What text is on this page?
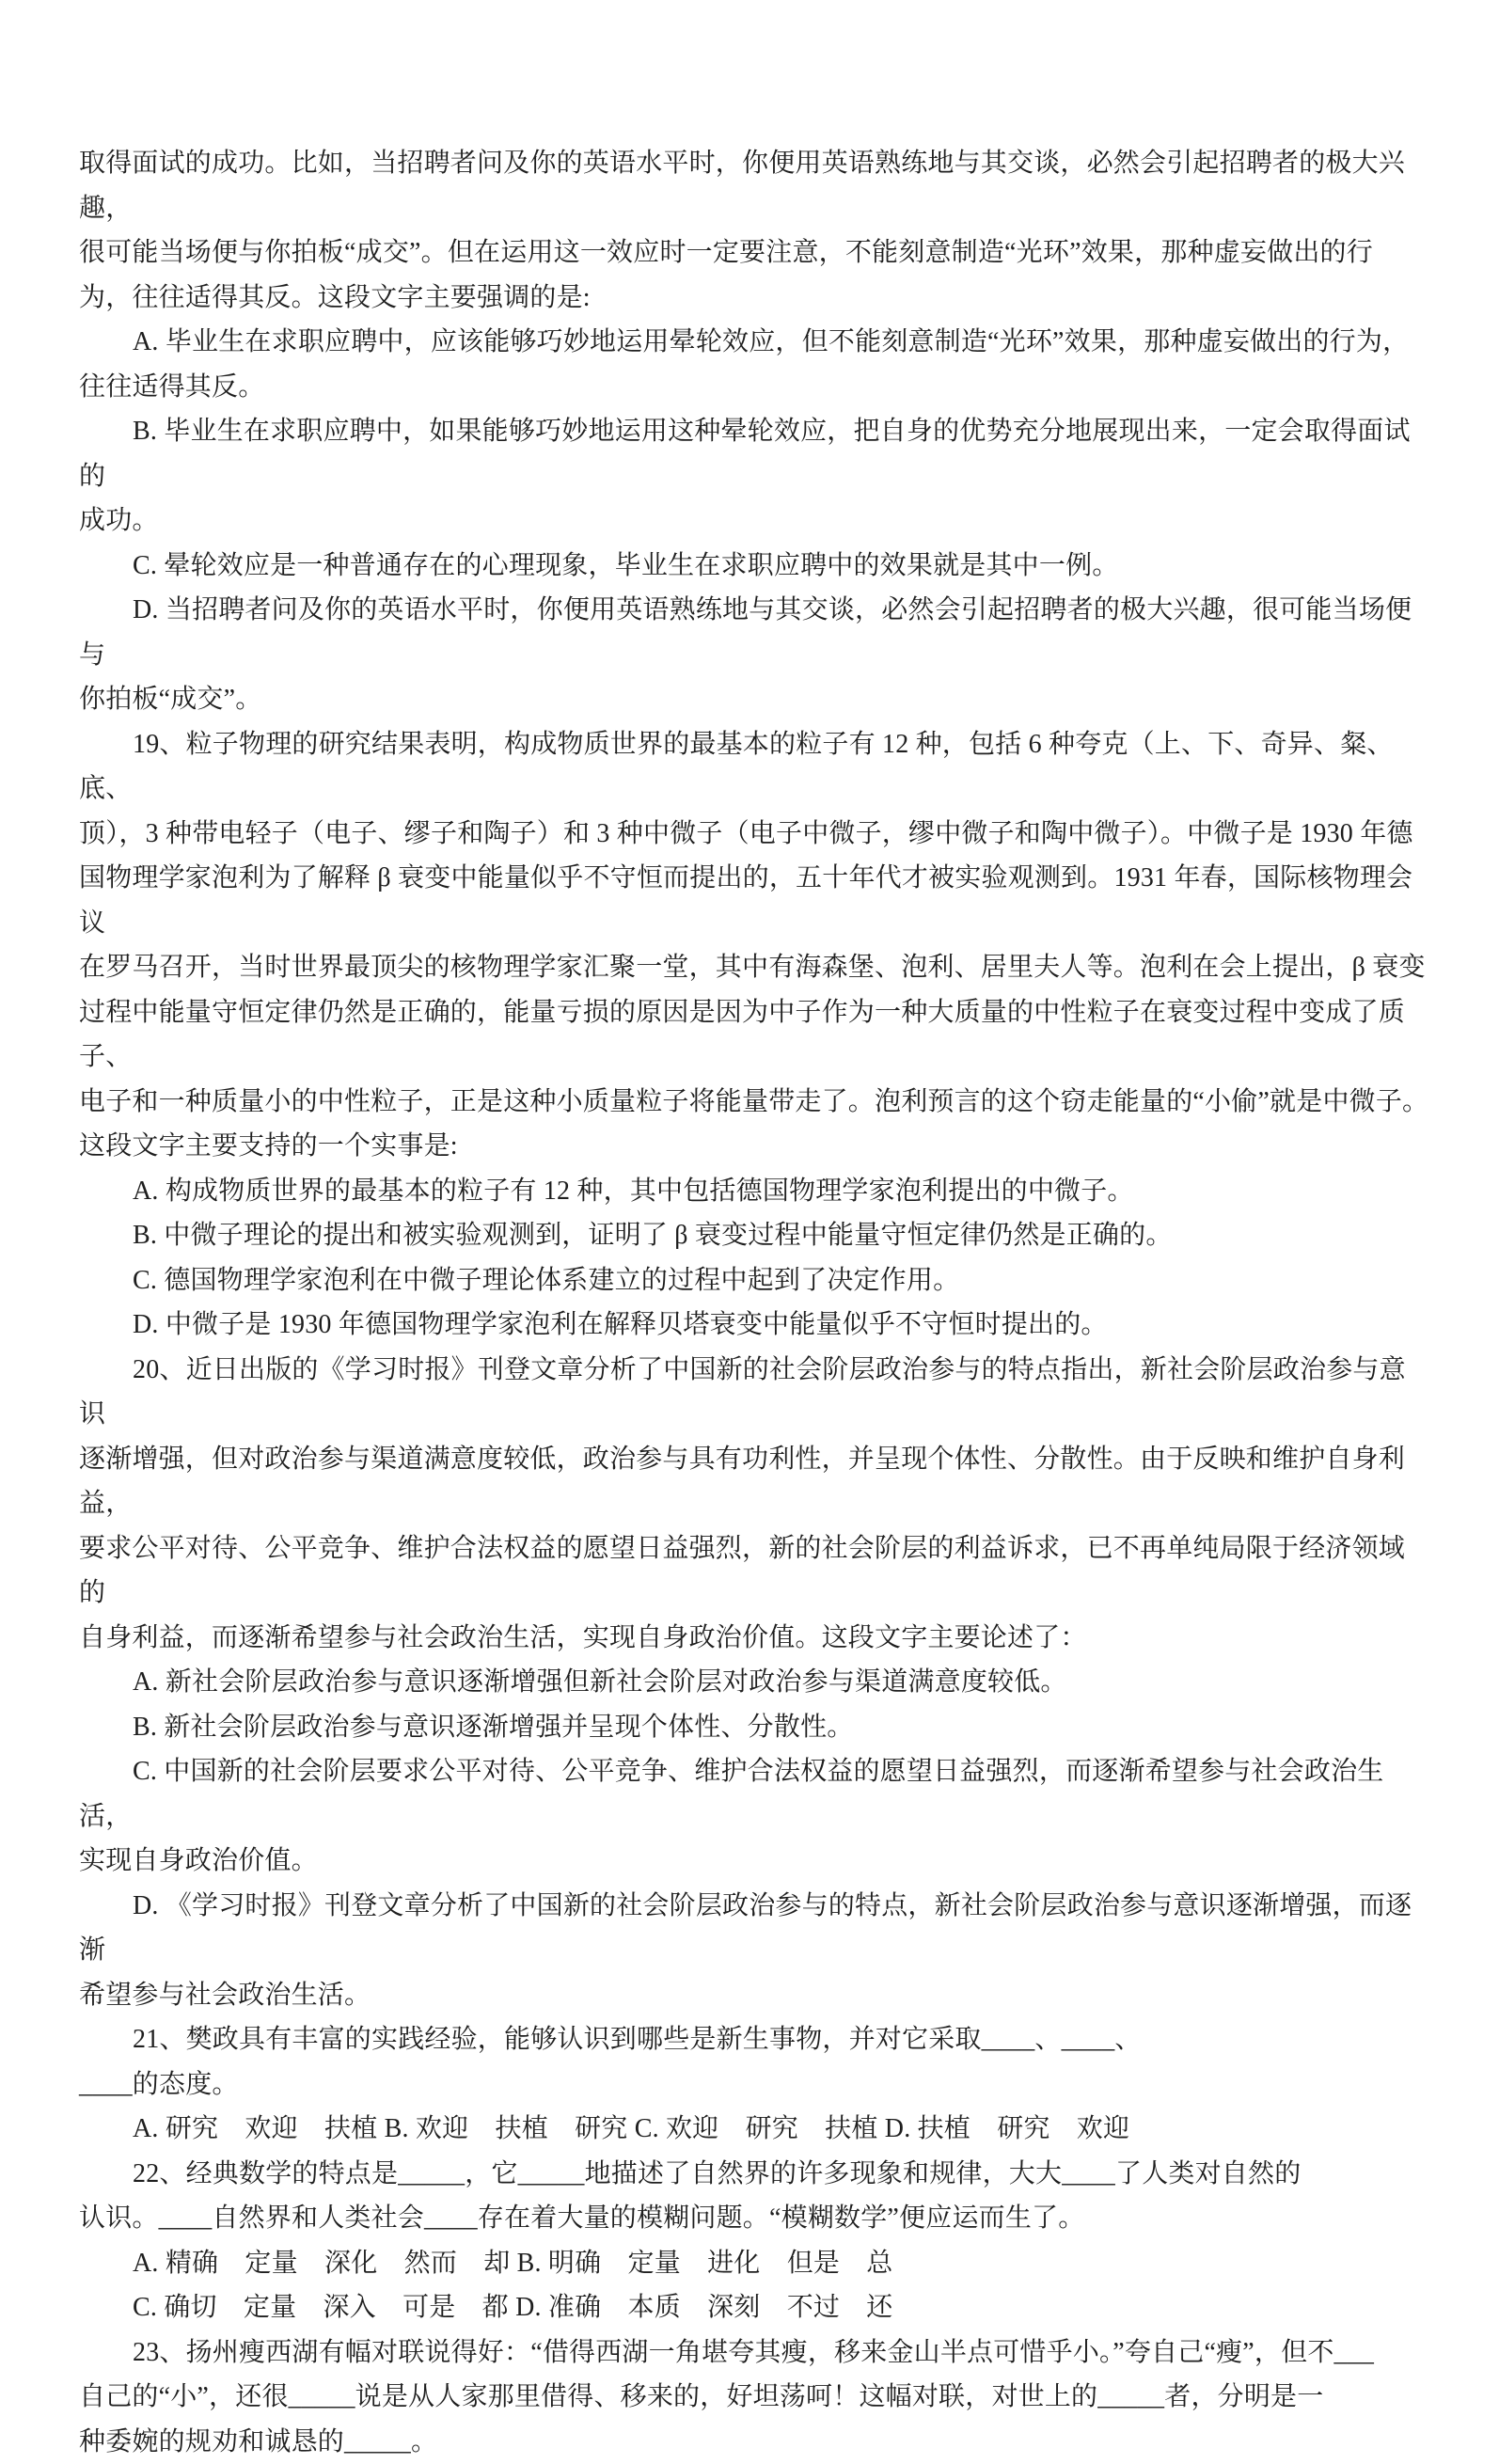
取得面试的成功。比如，当招聘者问及你的英语水平时，你便用英语熟练地与其交谈，必然会引起招聘者的极大兴趣，

很可能当场便与你拍板“成交”。但在运用这一效应时一定要注意，不能刻意制造“光环”效果，那种虚妄做出的行

为，往往适得其反。这段文字主要强调的是:

A. 毕业生在求职应聘中，应该能够巧妙地运用晕轮效应，但不能刻意制造“光环”效果，那种虚妄做出的行为，

往往适得其反。

B. 毕业生在求职应聘中，如果能够巧妙地运用这种晕轮效应，把自身的优势充分地展现出来，一定会取得面试的

成功。

C. 晕轮效应是一种普通存在的心理现象，毕业生在求职应聘中的效果就是其中一例。

D. 当招聘者问及你的英语水平时，你便用英语熟练地与其交谈，必然会引起招聘者的极大兴趣，很可能当场便与

你拍板“成交”。

19、粒子物理的研究结果表明，构成物质世界的最基本的粒子有 12 种，包括 6 种夸克（上、下、奇异、粲、底、

顶），3 种带电轻子（电子、缪子和陶子）和 3 种中微子（电子中微子，缪中微子和陶中微子）。中微子是 1930 年德

国物理学家泡利为了解释 β 衰变中能量似乎不守恒而提出的，五十年代才被实验观测到。1931 年春，国际核物理会议

在罗马召开，当时世界最顶尖的核物理学家汇聚一堂，其中有海森堡、泡利、居里夫人等。泡利在会上提出，β 衰变

过程中能量守恒定律仍然是正确的，能量亏损的原因是因为中子作为一种大质量的中性粒子在衰变过程中变成了质子、

电子和一种质量小的中性粒子，正是这种小质量粒子将能量带走了。泡利预言的这个窃走能量的“小偷”就是中微子。

这段文字主要支持的一个实事是:

A. 构成物质世界的最基本的粒子有 12 种，其中包括德国物理学家泡利提出的中微子。

B. 中微子理论的提出和被实验观测到，证明了 β 衰变过程中能量守恒定律仍然是正确的。

C. 德国物理学家泡利在中微子理论体系建立的过程中起到了决定作用。

D. 中微子是 1930 年德国物理学家泡利在解释贝塔衰变中能量似乎不守恒时提出的。

20、近日出版的《学习时报》刊登文章分析了中国新的社会阶层政治参与的特点指出，新社会阶层政治参与意识

逐渐增强，但对政治参与渠道满意度较低，政治参与具有功利性，并呈现个体性、分散性。由于反映和维护自身利益，

要求公平对待、公平竞争、维护合法权益的愿望日益强烈，新的社会阶层的利益诉求，已不再单纯局限于经济领域的

自身利益，而逐渐希望参与社会政治生活，实现自身政治价值。这段文字主要论述了：

A. 新社会阶层政治参与意识逐渐增强但新社会阶层对政治参与渠道满意度较低。

B. 新社会阶层政治参与意识逐渐增强并呈现个体性、分散性。

C. 中国新的社会阶层要求公平对待、公平竞争、维护合法权益的愿望日益强烈，而逐渐希望参与社会政治生活，

实现自身政治价值。

D. 《学习时报》刊登文章分析了中国新的社会阶层政治参与的特点，新社会阶层政治参与意识逐渐增强，而逐渐

希望参与社会政治生活。

21、樊政具有丰富的实践经验，能够认识到哪些是新生事物，并对它采取____、____、

____的态度。

A. 研究　欢迎　扶植 B. 欢迎　扶植　研究 C. 欢迎　研究　扶植 D. 扶植　研究　欢迎

22、经典数学的特点是_____，它_____地描述了自然界的许多现象和规律，大大____了人类对自然的

认识。____自然界和人类社会____存在着大量的模糊问题。“模糊数学”便应运而生了。

A. 精确　定量　深化　然而　却 B. 明确　定量　进化　但是　总

C. 确切　定量　深入　可是　都 D. 准确　本质　深刻　不过　还

23、扬州瘦西湖有幅对联说得好：“借得西湖一角堪夸其瘦，移来金山半点可惜乎小。”夸自己“瘦”，但不___

自己的“小”，还很_____说是从人家那里借得、移来的，好坦荡呵！这幅对联，对世上的_____者，分明是一

种委婉的规劝和诚恳的_____。
